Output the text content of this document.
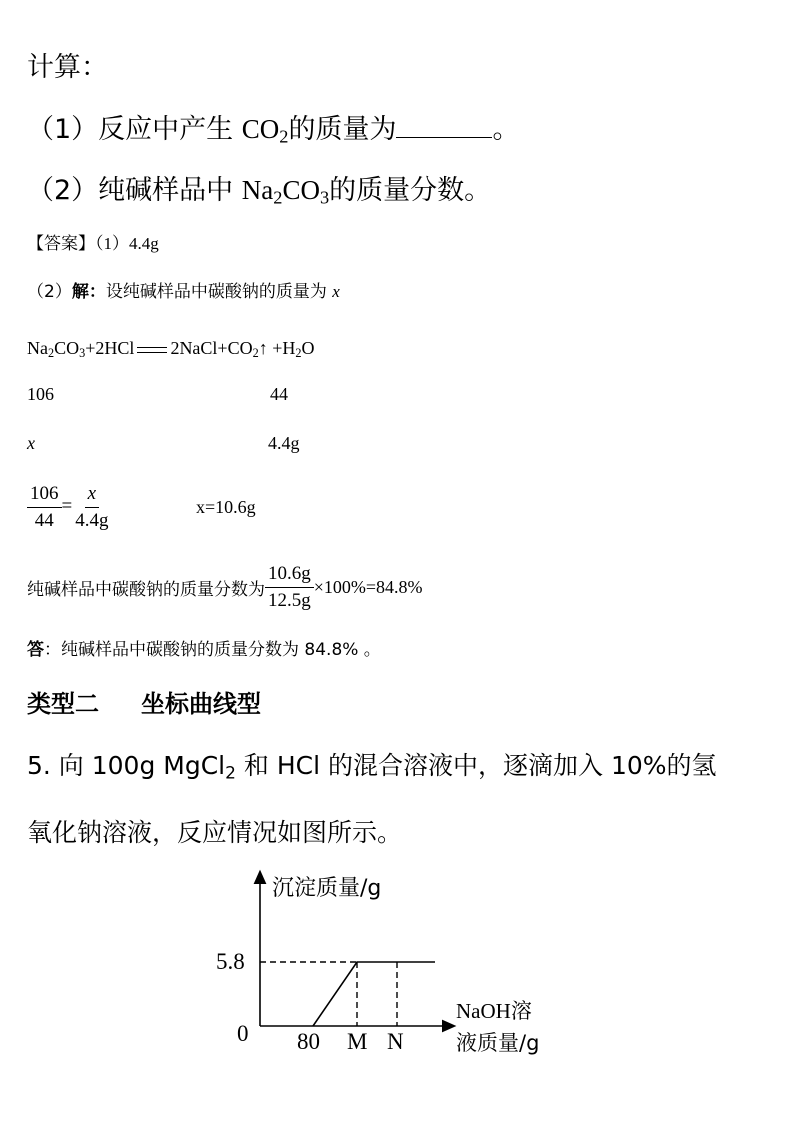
计算：
（1）反应中产生 $CO_2$的质量为	。
（2）纯碱样品中 $Na_2CO_3$的质量分数。
【答案】（1）4.4g
（2）解：设纯碱样品中碳酸钠的质量为 x
$Na_2CO_3+2HCl$ $2NaCl+CO_2↑ +H_2O$
106	44
x	4.4g
$\frac{106}{44} = \frac{x}{4.4g}$	x=10.6g
纯碱样品中碳酸钠的质量分数为 $\frac{10.6g}{12.5g} \times 100\%=84.8\%$
答：纯碱样品中碳酸钠的质量分数为 84.8% 。
类型二 坐标曲线型
5. 向 100g MgCl$_2$ 和 HCl 的混合溶液中，逐滴加入 10%的氢
氧化钠溶液，反应情况如图所示。
沉淀质量/g
5.8
0 80 M N
NaOH溶
液质量/g
